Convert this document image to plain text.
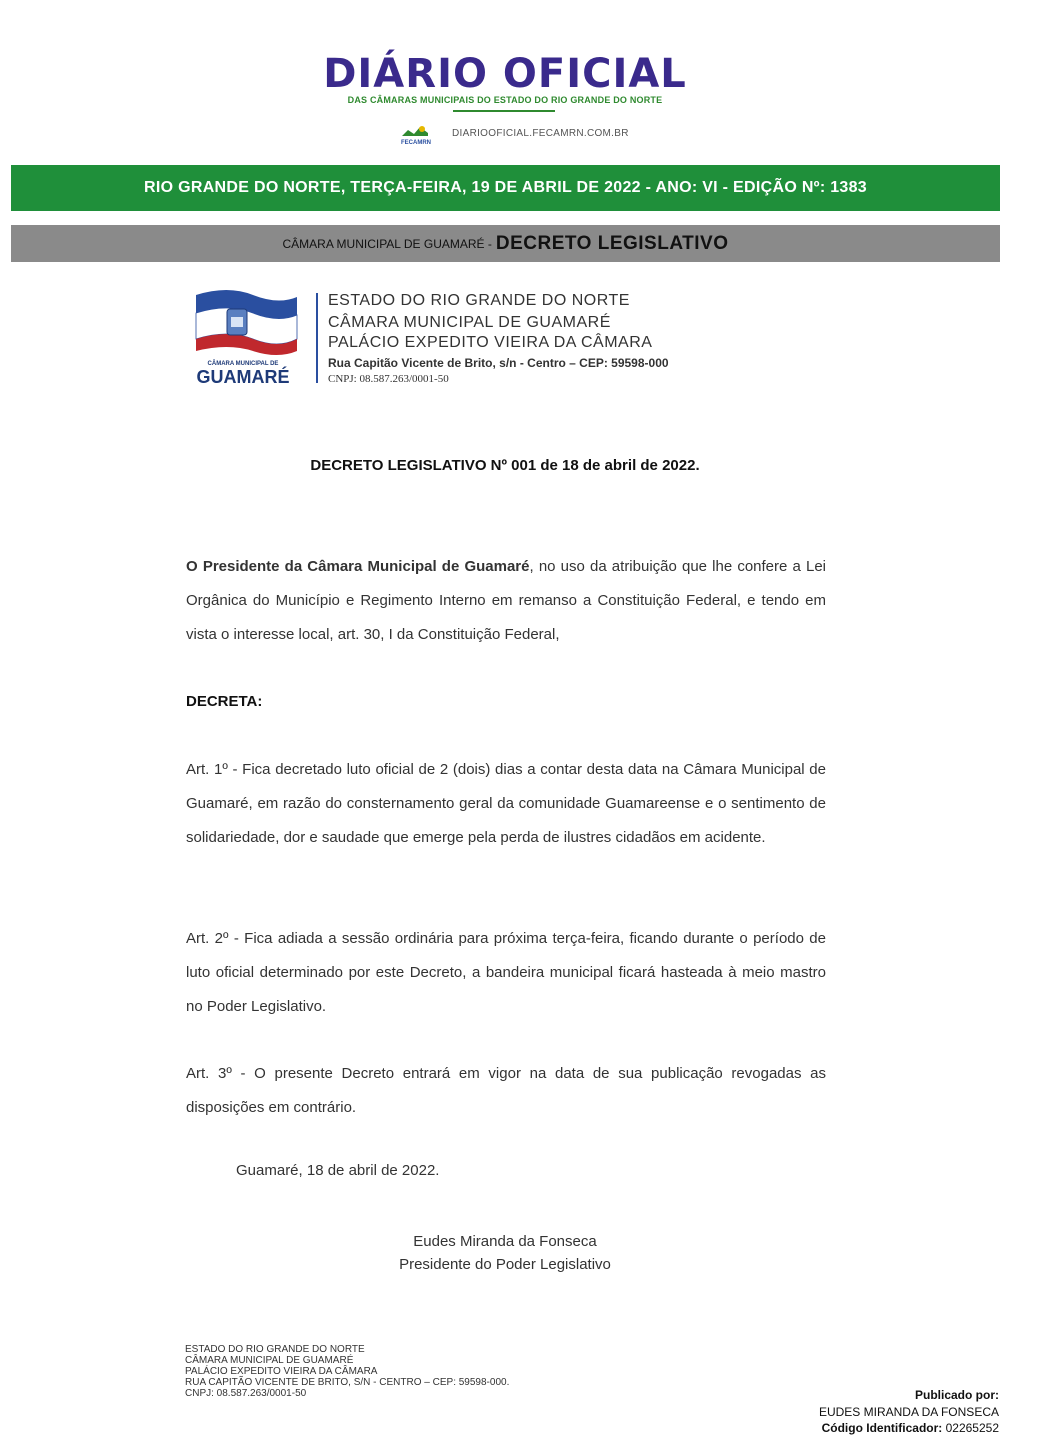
DIÁRIO OFICIAL
DAS CÂMARAS MUNICIPAIS DO ESTADO DO RIO GRANDE DO NORTE
FECAMRN
DIARIOOFICIAL.FECAMRN.COM.BR
RIO GRANDE DO NORTE, TERÇA-FEIRA, 19 DE ABRIL DE 2022 - ANO: VI - EDIÇÃO Nº: 1383
CÂMARA MUNICIPAL DE GUAMARÉ - DECRETO LEGISLATIVO
CÂMARA MUNICIPAL DE
GUAMARÉ
ESTADO DO RIO GRANDE DO NORTE
CÂMARA MUNICIPAL DE GUAMARÉ
PALÁCIO EXPEDITO VIEIRA DA CÂMARA
Rua Capitão Vicente de Brito, s/n - Centro – CEP: 59598-000
CNPJ: 08.587.263/0001-50
DECRETO LEGISLATIVO Nº 001 de 18 de abril de 2022.

O Presidente da Câmara Municipal de Guamaré, no uso da atribuição que lhe confere a Lei Orgânica do Município e Regimento Interno em remanso a Constituição Federal, e tendo em vista o interesse local, art. 30, I da Constituição Federal,

DECRETA:

Art. 1º - Fica decretado luto oficial de 2 (dois) dias a contar desta data na Câmara Municipal de Guamaré, em razão do consternamento geral da comunidade Guamareense e o sentimento de solidariedade, dor e saudade que emerge pela perda de ilustres cidadãos em acidente.

Art. 2º - Fica adiada a sessão ordinária para próxima terça-feira, ficando durante o período de luto oficial determinado por este Decreto, a bandeira municipal ficará hasteada à meio mastro no Poder Legislativo.

Art. 3º - O presente Decreto entrará em vigor na data de sua publicação revogadas as disposições em contrário.

Guamaré, 18 de abril de 2022.
Eudes Miranda da Fonseca
Presidente do Poder Legislativo
ESTADO DO RIO GRANDE DO NORTE
CÂMARA MUNICIPAL DE GUAMARÉ
PALÁCIO EXPEDITO VIEIRA DA CÂMARA
RUA CAPITÃO VICENTE DE BRITO, S/N - CENTRO – CEP: 59598-000.
CNPJ: 08.587.263/0001-50	Publicado por:
EUDES MIRANDA DA FONSECA
Código Identificador: 02265252
